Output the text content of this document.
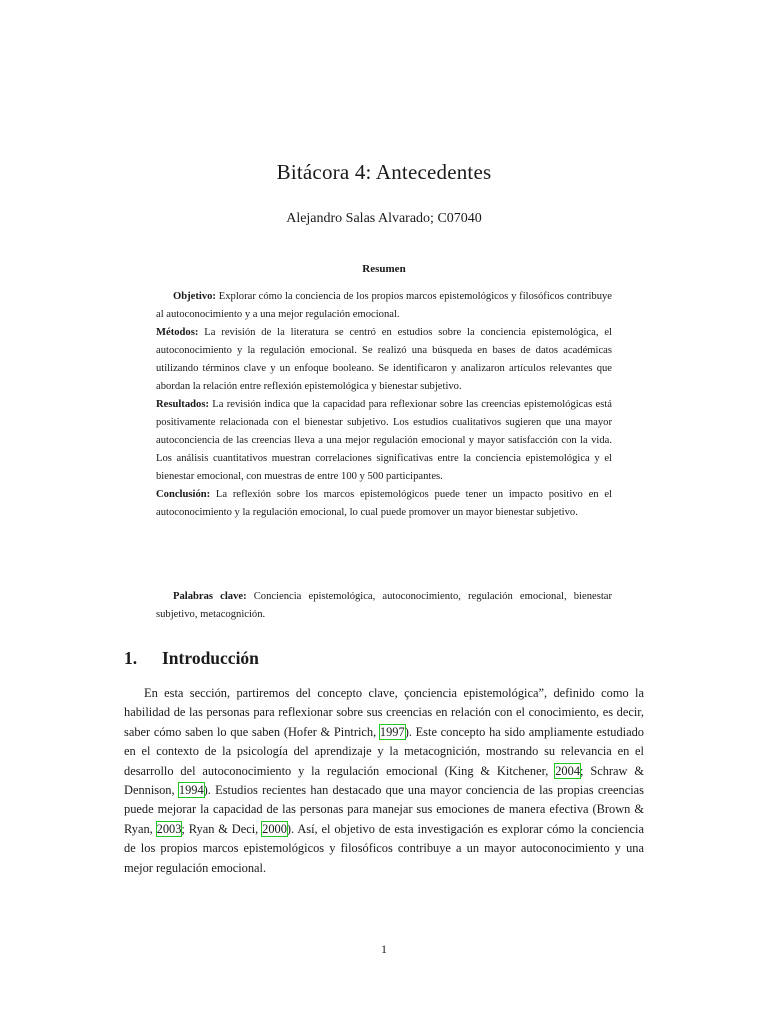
Bitácora 4: Antecedentes
Alejandro Salas Alvarado; C07040
Resumen

Objetivo: Explorar cómo la conciencia de los propios marcos epistemológicos y filosóficos contribuye al autoconocimiento y a una mejor regulación emocional.

Métodos: La revisión de la literatura se centró en estudios sobre la conciencia epistemológica, el autoconocimiento y la regulación emocional. Se realizó una búsqueda en bases de datos académicas utilizando términos clave y un enfoque booleano. Se identificaron y analizaron artículos relevantes que abordan la relación entre reflexión epistemológica y bienestar subjetivo.

Resultados: La revisión indica que la capacidad para reflexionar sobre las creencias epistemológicas está positivamente relacionada con el bienestar subjetivo. Los estudios cualitativos sugieren que una mayor autoconciencia de las creencias lleva a una mejor regulación emocional y mayor satisfacción con la vida. Los análisis cuantitativos muestran correlaciones significativas entre la conciencia epistemológica y el bienestar emocional, con muestras de entre 100 y 500 participantes.

Conclusión: La reflexión sobre los marcos epistemológicos puede tener un impacto positivo en el autoconocimiento y la regulación emocional, lo cual puede promover un mayor bienestar subjetivo.

Palabras clave: Conciencia epistemológica, autoconocimiento, regulación emocional, bienestar subjetivo, metacognición.
1. Introducción
En esta sección, partiremos del concepto clave, çonciencia epistemológica”, definido como la habilidad de las personas para reflexionar sobre sus creencias en relación con el conocimiento, es decir, saber cómo saben lo que saben (Hofer & Pintrich, 1997). Este concepto ha sido ampliamente estudiado en el contexto de la psicología del aprendizaje y la metacognición, mostrando su relevancia en el desarrollo del autoconocimiento y la regulación emocional (King & Kitchener, 2004; Schraw & Dennison, 1994). Estudios recientes han destacado que una mayor conciencia de las propias creencias puede mejorar la capacidad de las personas para manejar sus emociones de manera efectiva (Brown & Ryan, 2003; Ryan & Deci, 2000). Así, el objetivo de esta investigación es explorar cómo la conciencia de los propios marcos epistemológicos y filosóficos contribuye a un mayor autoconocimiento y una mejor regulación emocional.
1
